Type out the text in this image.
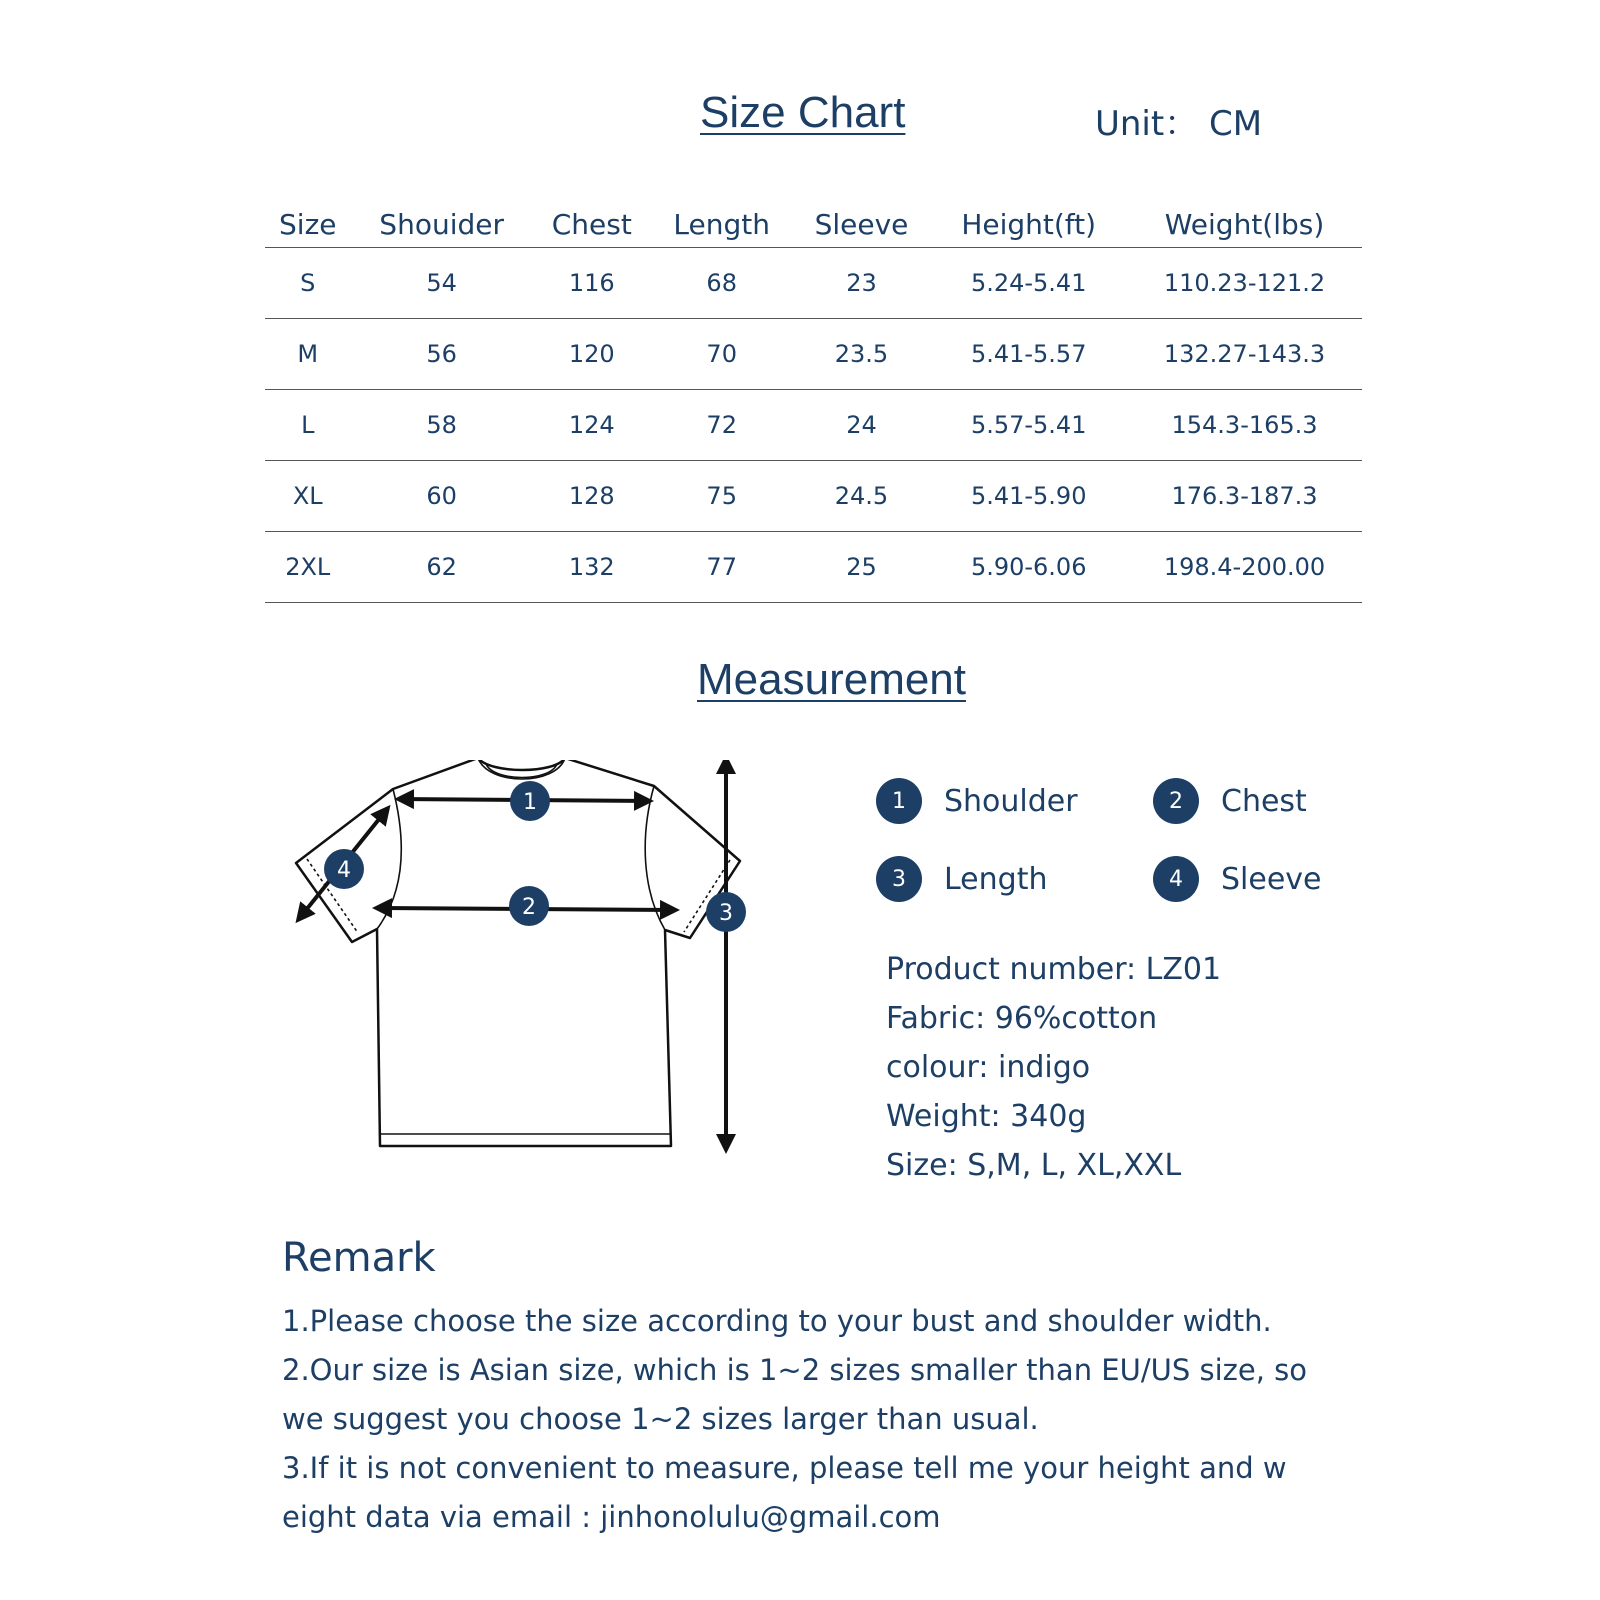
Size Chart	Unit： CM
Size	Shouider	Chest	Length	Sleeve	Height(ft)	Weight(lbs)
S	54	116	68	23	5.24-5.41	110.23-121.2
M	56	120	70	23.5	5.41-5.57	132.27-143.3
L	58	124	72	24	5.57-5.41	154.3-165.3
XL	60	128	75	24.5	5.41-5.90	176.3-187.3
2XL	62	132	77	25	5.90-6.06	198.4-200.00
Measurement
1
2	3
4
1	Shoulder	2	Chest
3	Length	4	Sleeve
Product number: LZ01
Fabric: 96%cotton
colour: indigo
Weight: 340g
Size: S,M, L, XL,XXL
Remark
1.Please choose the size according to your bust and shoulder width.
2.Our size is Asian size, which is 1~2 sizes smaller than EU/US size, so
we suggest you choose 1~2 sizes larger than usual.
3.If it is not convenient to measure, please tell me your height and w
eight data via email : jinhonolulu@gmail.com
